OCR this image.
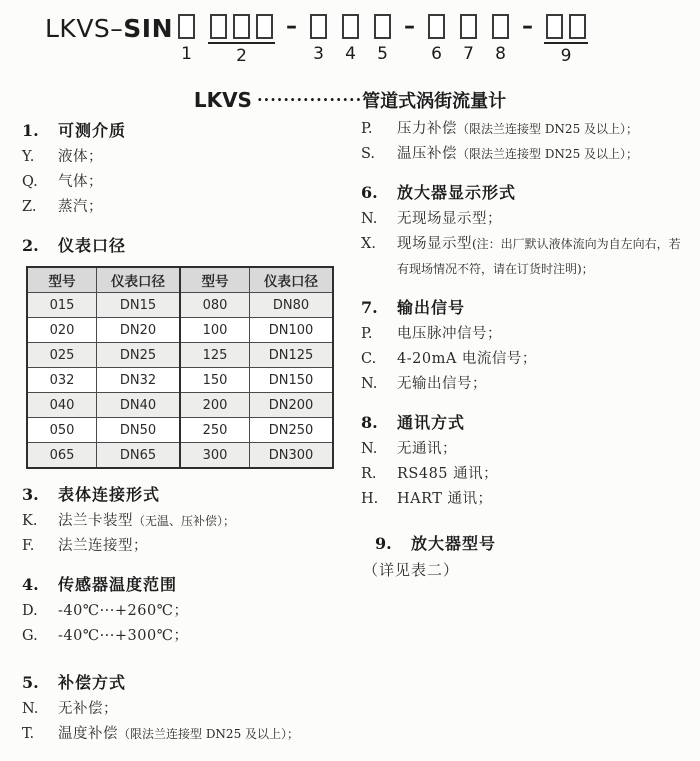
LKVS–SIN
1	2
–
3 4 5
–
6 7 8
–
9
LKVS ················管道式涡街流量计
1. 可测介质
Y.	液体；
Q.	气体；
Z.	蒸汽；
2. 仪表口径
型号	仪表口径	型号	仪表口径
015	DN15	080	DN80
020	DN20	100	DN100
025	DN25	125	DN125
032	DN32	150	DN150
040	DN40	200	DN200
050	DN50	250	DN250
065	DN65	300	DN300
3. 表体连接形式
K.	法兰卡装型（无温、压补偿）；
F.	法兰连接型；
4. 传感器温度范围
D.	-40℃···+260℃；
G.	-40℃···+300℃；
5. 补偿方式
N.	无补偿；
T.	温度补偿（限法兰连接型 DN25 及以上）；
P.	压力补偿（限法兰连接型 DN25 及以上）；
S.	温压补偿（限法兰连接型 DN25 及以上）；
6. 放大器显示形式
N.	无现场显示型；
X.	现场显示型(注：出厂默认液体流向为自左向右，若有现场情况不符，请在订货时注明)；
7. 输出信号
P.	电压脉冲信号；
C.	4-20mA 电流信号；
N.	无输出信号；
8. 通讯方式
N.	无通讯；
R.	RS485 通讯；
H.	HART 通讯；
9. 放大器型号
（详见表二）
